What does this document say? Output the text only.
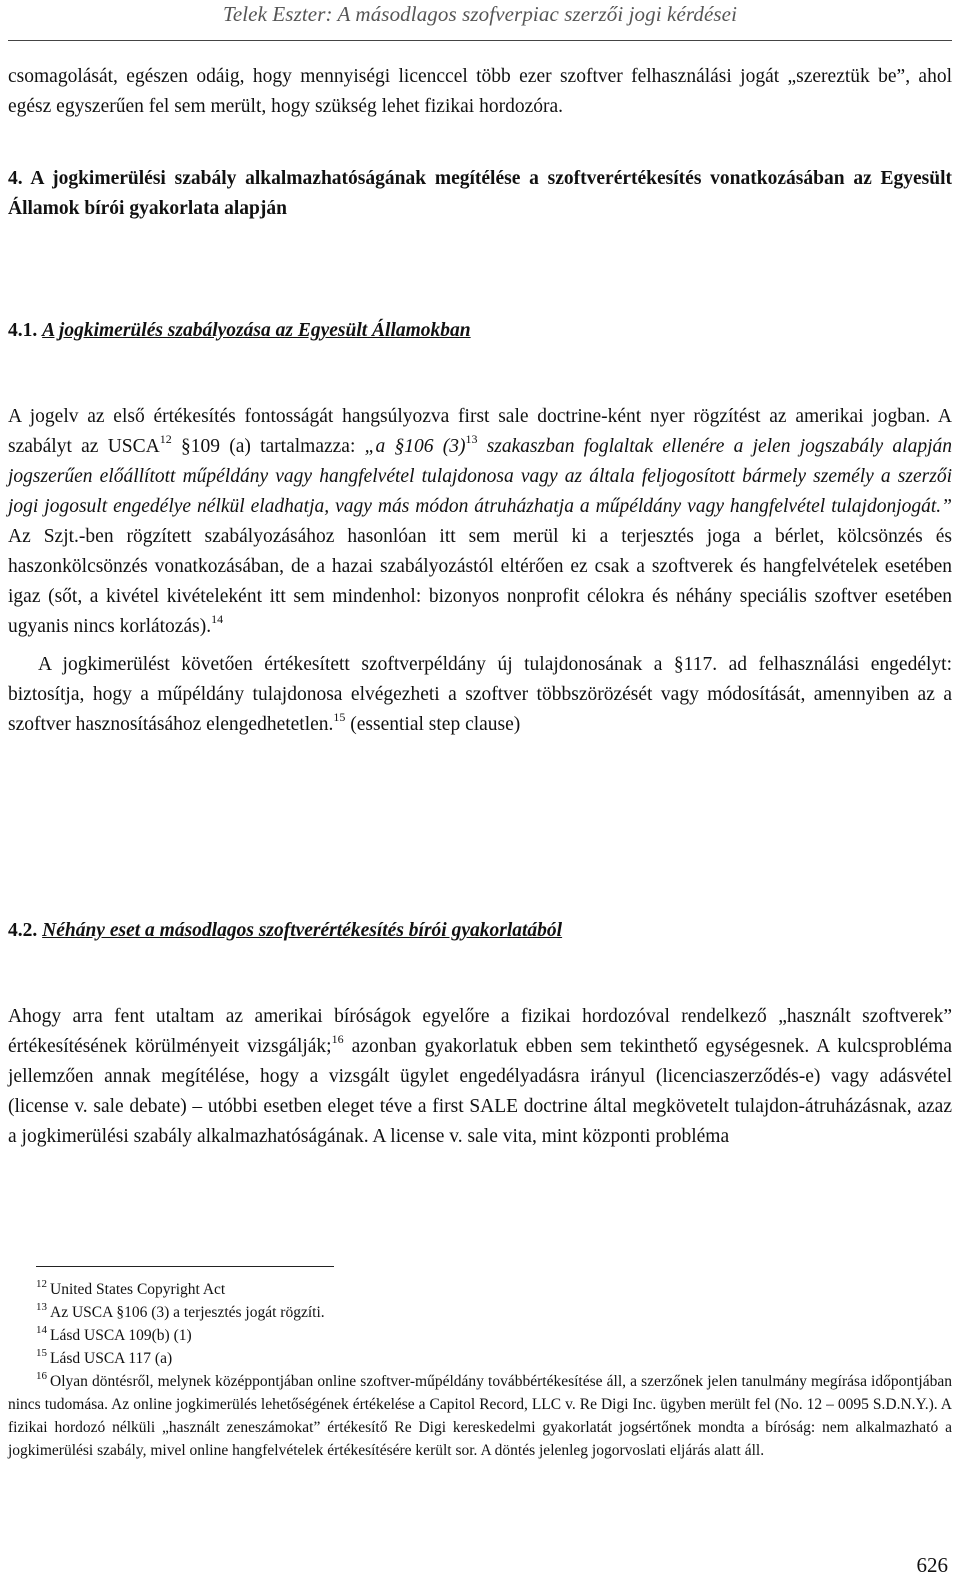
Telek Eszter: A másodlagos szofverpiac szerzői jogi kérdései

csomagolását, egészen odáig, hogy mennyiségi licenccel több ezer szoftver felhasználási jogát „szereztük be”, ahol egész egyszerűen fel sem merült, hogy szükség lehet fizikai hordozóra.

4. A jogkimerülési szabály alkalmazhatóságának megítélése a szoftverértékesítés vonatkozásában az Egyesült Államok bírói gyakorlata alapján

4.1. A jogkimerülés szabályozása az Egyesült Államokban

A jogelv az első értékesítés fontosságát hangsúlyozva first sale doctrine-ként nyer rögzítést az amerikai jogban. A szabályt az USCA$^{12}$ §109 (a) tartalmazza: „a §106 $(3)^{13}$ szakaszban foglaltak ellenére a jelen jogszabály alapján jogszerűen előállított műpéldány vagy hangfelvétel tulajdonosa vagy az általa feljogosított bármely személy a szerzői jogi jogosult engedélye nélkül eladhatja, vagy más módon átruházhatja a műpéldány vagy hangfelvétel tulajdonjogát.” Az Szjt.-ben rögzített szabályozásához hasonlóan itt sem merül ki a terjesztés joga a bérlet, kölcsönzés és haszonkölcsönzés vonatkozásában, de a hazai szabályozástól eltérően ez csak a szoftverek és hangfelvételek esetében igaz (sőt, a kivétel kivételeként itt sem mindenhol: bizonyos nonprofit célokra és néhány speciális szoftver esetében ugyanis nincs korlátozás).$^{14}$

A jogkimerülést követően értékesített szoftverpéldány új tulajdonosának a §117. ad felhasználási engedélyt: biztosítja, hogy a műpéldány tulajdonosa elvégezheti a szoftver többszörözését vagy módosítását, amennyiben az a szoftver hasznosításához elengedhetetlen.$^{15}$ (essential step clause)

4.2. Néhány eset a másodlagos szoftverértékesítés bírói gyakorlatából

Ahogy arra fent utaltam az amerikai bíróságok egyelőre a fizikai hordozóval rendelkező „használt szoftverek” értékesítésének körülményeit vizsgálják;$^{16}$ azonban gyakorlatuk ebben sem tekinthető egységesnek. A kulcsprobléma jellemzően annak megítélése, hogy a vizsgált ügylet engedélyadásra irányul (licenciaszerződés-e) vagy adásvétel (license v. sale debate) – utóbbi esetben eleget téve a first SALE doctrine által megkövetelt tulajdon-átruházásnak, azaz a jogkimerülési szabály alkalmazhatóságának. A license v. sale vita, mint központi probléma

$^{12}$ United States Copyright Act

$^{13}$ Az USCA §106 (3) a terjesztés jogát rögzíti.

$^{14}$ Lásd USCA 109(b) (1)

$^{15}$ Lásd USCA 117 (a)

$^{16}$ Olyan döntésről, melynek középpontjában online szoftver-műpéldány továbbértékesítése áll, a szerzőnek jelen tanulmány megírása időpontjában nincs tudomása. Az online jogkimerülés lehetőségének értékelése a Capitol Record, LLC v. Re Digi Inc. ügyben merült fel (No. 12 – 0095 S.D.N.Y.). A fizikai hordozó nélküli „használt zeneszámokat” értékesítő Re Digi kereskedelmi gyakorlatát jogsértőnek mondta a bíróság: nem alkalmazható a jogkimerülési szabály, mivel online hangfelvételek értékesítésére került sor. A döntés jelenleg jogorvoslati eljárás alatt áll.

626
